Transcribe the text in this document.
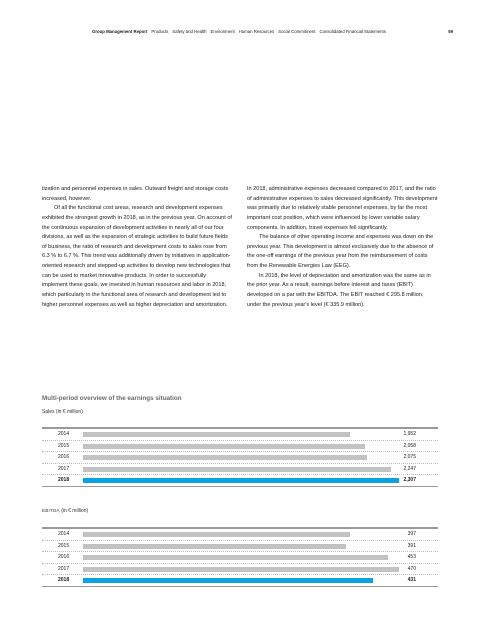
Group Management Report Products Safety and Health Environment Human Resources Social Commitment Consolidated Financial Statements	59

tization and personnel expenses in sales. Outward freight and storage costs increased, however.

Of all the functional cost areas, research and development expenses exhibited the strongest growth in 2018, as in the previous year. On account of the continuous expansion of development activities in nearly all of our four divisions, as well as the expansion of strategic activities to build future fields of business, the ratio of research and development costs to sales rose from 6.3 % to 6.7 %. This trend was additionally driven by initiatives in application-oriented research and stepped-up activities to develop new technologies that can be used to market innovative products. In order to successfully implement these goals, we invested in human resources and labor in 2018, which particularly in the functional area of research and development led to higher personnel expenses as well as higher depreciation and amortization.

In 2018, administrative expenses decreased compared to 2017, and the ratio of administrative expenses to sales decreased significantly. This development was primarily due to relatively stable personnel expenses, by far the most important cost position, which were influenced by lower variable salary components. In addition, travel expenses fell significantly.

The balance of other operating income and expenses was down on the previous year. This development is almost exclusively due to the absence of the one-off earnings of the previous year from the reimbursement of costs from the Renewable Energies Law (EEG).

In 2018, the level of depreciation and amortization was the same as in the prior year. As a result, earnings before interest and taxes (EBIT) developed on a par with the EBITDA. The EBIT reached € 295.8 million, under the previous year's level (€ 335.9 million).

Multi-period overview of the earnings situation
Sales (in € million)
2014	1,952
2015	2,058
2016	2,075
2017	2,247
2018	2,307
EBITDA (in € million)
2014	397
2015	391
2016	453
2017	470
2018	431
